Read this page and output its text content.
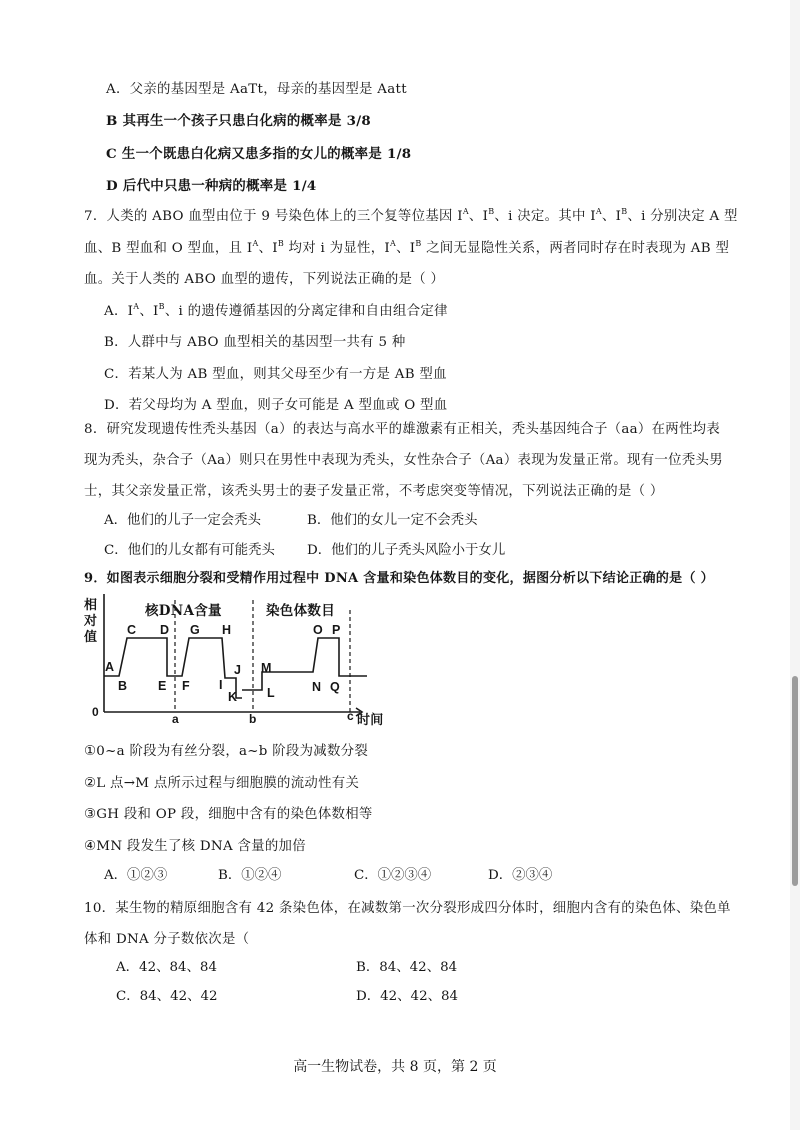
A．父亲的基因型是 AaTt，母亲的基因型是 Aatt
B 其再生一个孩子只患白化病的概率是 3/8
C 生一个既患白化病又患多指的女儿的概率是 1/8
D 后代中只患一种病的概率是 1/4
7．人类的 ABO 血型由位于 9 号染色体上的三个复等位基因 $I^A$、$I^B$、i 决定。其中 $I^A$、$I^B$、i 分别决定 A 型
血、B 型血和 O 型血，且 $I^A$、$I^B$ 均对 i 为显性，$I^A$、$I^B$ 之间无显隐性关系，两者同时存在时表现为 AB 型
血。关于人类的 ABO 血型的遗传，下列说法正确的是（ ）
A．$I^A$、$I^B$、i 的遗传遵循基因的分离定律和自由组合定律
B．人群中与 ABO 血型相关的基因型一共有 5 种
C．若某人为 AB 型血，则其父母至少有一方是 AB 型血
D．若父母均为 A 型血，则子女可能是 A 型血或 O 型血
8．研究发现遗传性秃头基因（a）的表达与高水平的雄激素有正相关，秃头基因纯合子（aa）在两性均表
现为秃头，杂合子（Aa）则只在男性中表现为秃头，女性杂合子（Aa）表现为发量正常。现有一位秃头男
士，其父亲发量正常，该秃头男士的妻子发量正常，不考虑突变等情况，下列说法正确的是（ ）
A．他们的儿子一定会秃头	B．他们的女儿一定不会秃头
C．他们的儿女都有可能秃头 D．他们的儿子秃头风险小于女儿
9．如图表示细胞分裂和受精作用过程中 DNA 含量和染色体数目的变化，据图分析以下结论正确的是（ ）
相对值
0
核DNA含量	染色体数目
时间
a	b	c
A
B
C D
E F
G H
I
J
K L
M
N
O P
Q
①0~a 阶段为有丝分裂，a~b 阶段为减数分裂
②L 点→M 点所示过程与细胞膜的流动性有关
③GH 段和 OP 段，细胞中含有的染色体数相等
④MN 段发生了核 DNA 含量的加倍
A．①②③	B．①②④	C．①②③④	D．②③④
10．某生物的精原细胞含有 42 条染色体，在减数第一次分裂形成四分体时，细胞内含有的染色体、染色单
体和 DNA 分子数依次是（
A．42、84、84	B．84、42、84
C．84、42、42	D．42、42、84
高一生物试卷，共 8 页，第 2 页
